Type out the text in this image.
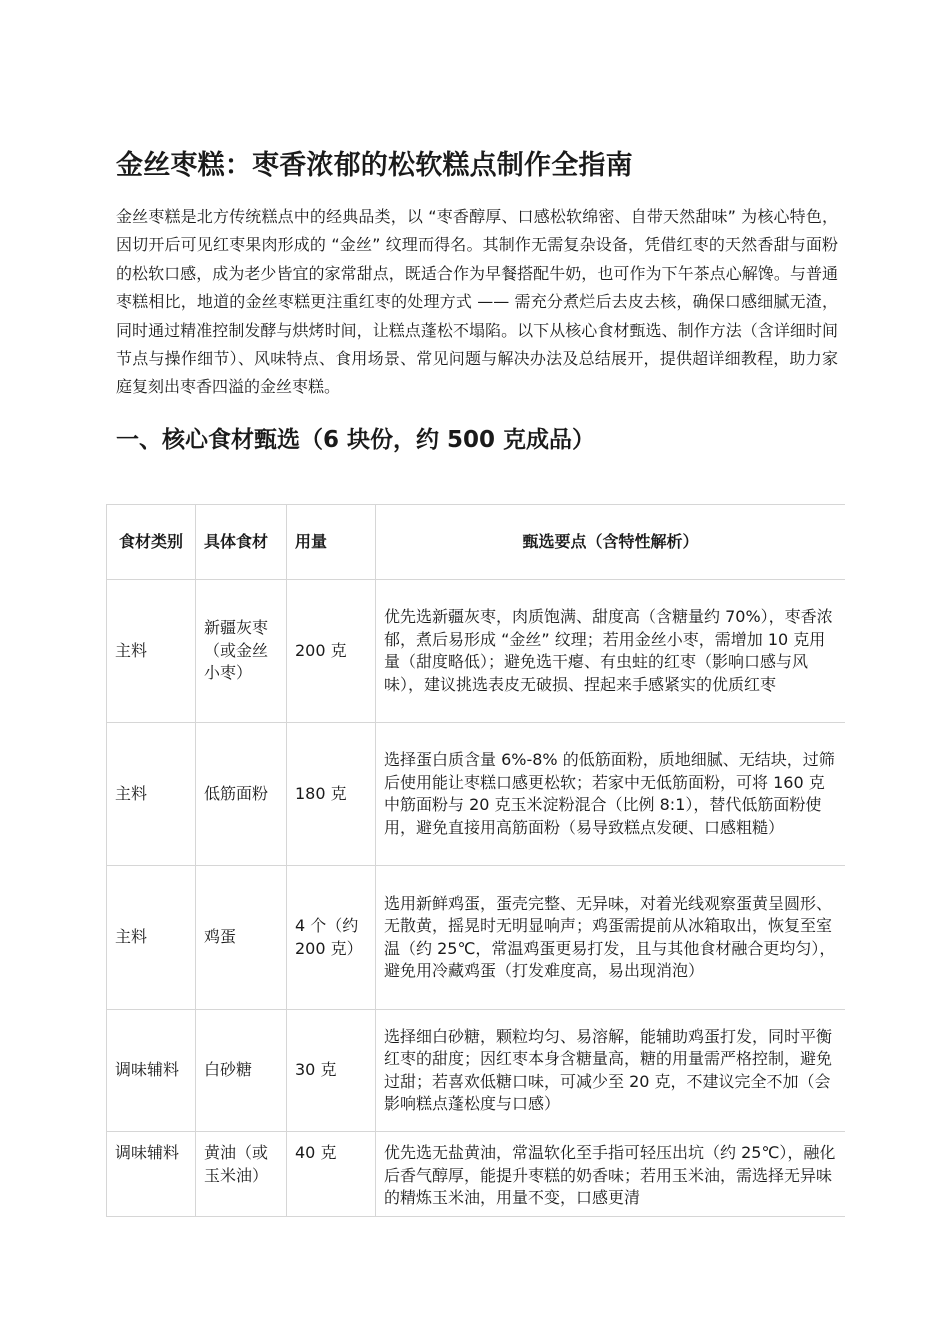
金丝枣糕：枣香浓郁的松软糕点制作全指南

金丝枣糕是北方传统糕点中的经典品类，以 “枣香醇厚、口感松软绵密、自带天然甜味” 为核心特色，因切开后可见红枣果肉形成的 “金丝” 纹理而得名。其制作无需复杂设备，凭借红枣的天然香甜与面粉的松软口感，成为老少皆宜的家常甜点，既适合作为早餐搭配牛奶，也可作为下午茶点心解馋。与普通枣糕相比，地道的金丝枣糕更注重红枣的处理方式 —— 需充分煮烂后去皮去核，确保口感细腻无渣，同时通过精准控制发酵与烘烤时间，让糕点蓬松不塌陷。以下从核心食材甄选、制作方法（含详细时间节点与操作细节）、风味特点、食用场景、常见问题与解决办法及总结展开，提供超详细教程，助力家庭复刻出枣香四溢的金丝枣糕。

一、核心食材甄选（6 块份，约 500 克成品）
食材类别	具体食材	用量	甄选要点（含特性解析）
主料	新疆灰枣（或金丝小枣）	200 克	优先选新疆灰枣，肉质饱满、甜度高（含糖量约 70%），枣香浓郁，煮后易形成 “金丝” 纹理；若用金丝小枣，需增加 10 克用量（甜度略低）；避免选干瘪、有虫蛀的红枣（影响口感与风味），建议挑选表皮无破损、捏起来手感紧实的优质红枣
主料	低筋面粉	180 克	选择蛋白质含量 6%-8% 的低筋面粉，质地细腻、无结块，过筛后使用能让枣糕口感更松软；若家中无低筋面粉，可将 160 克中筋面粉与 20 克玉米淀粉混合（比例 8:1），替代低筋面粉使用，避免直接用高筋面粉（易导致糕点发硬、口感粗糙）
主料	鸡蛋	4 个（约 200 克）	选用新鲜鸡蛋，蛋壳完整、无异味，对着光线观察蛋黄呈圆形、无散黄，摇晃时无明显响声；鸡蛋需提前从冰箱取出，恢复至室温（约 25℃，常温鸡蛋更易打发，且与其他食材融合更均匀），避免用冷藏鸡蛋（打发难度高，易出现消泡）
调味辅料	白砂糖	30 克	选择细白砂糖，颗粒均匀、易溶解，能辅助鸡蛋打发，同时平衡红枣的甜度；因红枣本身含糖量高，糖的用量需严格控制，避免过甜；若喜欢低糖口味，可减少至 20 克，不建议完全不加（会影响糕点蓬松度与口感）
调味辅料	黄油（或玉米油）	40 克	优先选无盐黄油，常温软化至手指可轻压出坑（约 25℃），融化后香气醇厚，能提升枣糕的奶香味；若用玉米油，需选择无异味的精炼玉米油，用量不变，口感更清
